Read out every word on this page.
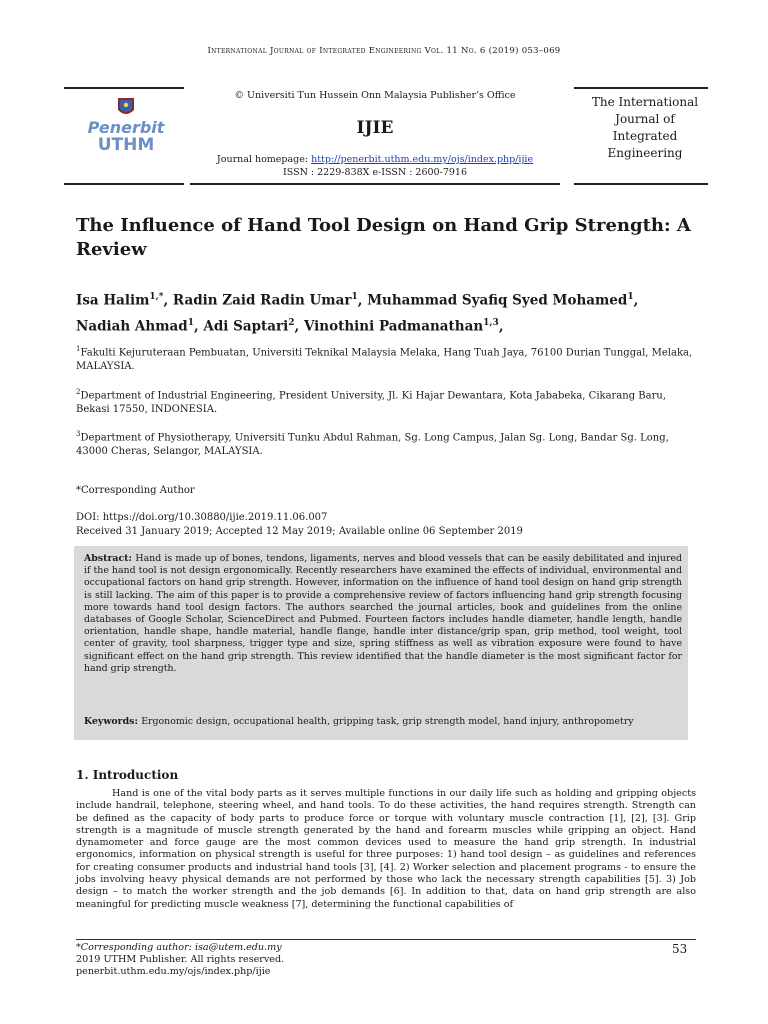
International Journal of Integrated Engineering Vol. 11 No. 6 (2019) 053–069
Penerbit
UTHM
© Universiti Tun Hussein Onn Malaysia Publisher’s Office
IJIE
Journal homepage: http://penerbit.uthm.edu.my/ojs/index.php/ijie
ISSN : 2229-838X e-ISSN : 2600-7916
The International
Journal of
Integrated
Engineering
The Influence of Hand Tool Design on Hand Grip Strength: A Review
Isa Halim$^{1,*}$, Radin Zaid Radin Umar$^1$, Muhammad Syafiq Syed Mohamed$^1$,
Nadiah Ahmad$^1$, Adi Saptari$^2$, Vinothini Padmanathan$^{1,3}$,
$^1$Fakulti Kejuruteraan Pembuatan, Universiti Teknikal Malaysia Melaka, Hang Tuah Jaya, 76100 Durian Tunggal, Melaka, MALAYSIA.
$^2$Department of Industrial Engineering, President University, Jl. Ki Hajar Dewantara, Kota Jababeka, Cikarang Baru, Bekasi 17550, INDONESIA.
$^3$Department of Physiotherapy, Universiti Tunku Abdul Rahman, Sg. Long Campus, Jalan Sg. Long, Bandar Sg. Long, 43000 Cheras, Selangor, MALAYSIA.
*Corresponding Author
DOI: https://doi.org/10.30880/ijie.2019.11.06.007
Received 31 January 2019; Accepted 12 May 2019; Available online 06 September 2019
Abstract: Hand is made up of bones, tendons, ligaments, nerves and blood vessels that can be easily debilitated and injured if the hand tool is not design ergonomically. Recently researchers have examined the effects of individual, environmental and occupational factors on hand grip strength. However, information on the influence of hand tool design on hand grip strength is still lacking. The aim of this paper is to provide a comprehensive review of factors influencing hand grip strength focusing more towards hand tool design factors. The authors searched the journal articles, book and guidelines from the online databases of Google Scholar, ScienceDirect and Pubmed. Fourteen factors includes handle diameter, handle length, handle orientation, handle shape, handle material, handle flange, handle inter distance/grip span, grip method, tool weight, tool center of gravity, tool sharpness, trigger type and size, spring stiffness as well as vibration exposure were found to have significant effect on the hand grip strength. This review identified that the handle diameter is the most significant factor for hand grip strength.
Keywords: Ergonomic design, occupational health, gripping task, grip strength model, hand injury, anthropometry
1. Introduction
Hand is one of the vital body parts as it serves multiple functions in our daily life such as holding and gripping objects include handrail, telephone, steering wheel, and hand tools. To do these activities, the hand requires strength. Strength can be defined as the capacity of body parts to produce force or torque with voluntary muscle contraction [1], [2], [3]. Grip strength is a magnitude of muscle strength generated by the hand and forearm muscles while gripping an object. Hand dynamometer and force gauge are the most common devices used to measure the hand grip strength. In industrial ergonomics, information on physical strength is useful for three purposes: 1) hand tool design – as guidelines and references for creating consumer products and industrial hand tools [3], [4]. 2) Worker selection and placement programs - to ensure the jobs involving heavy physical demands are not performed by those who lack the necessary strength capabilities [5]. 3) Job design – to match the worker strength and the job demands [6]. In addition to that, data on hand grip strength are also meaningful for predicting muscle weakness [7], determining the functional capabilities of
*Corresponding author: isa@utem.edu.my
2019 UTHM Publisher. All rights reserved.
penerbit.uthm.edu.my/ojs/index.php/ijie
53
